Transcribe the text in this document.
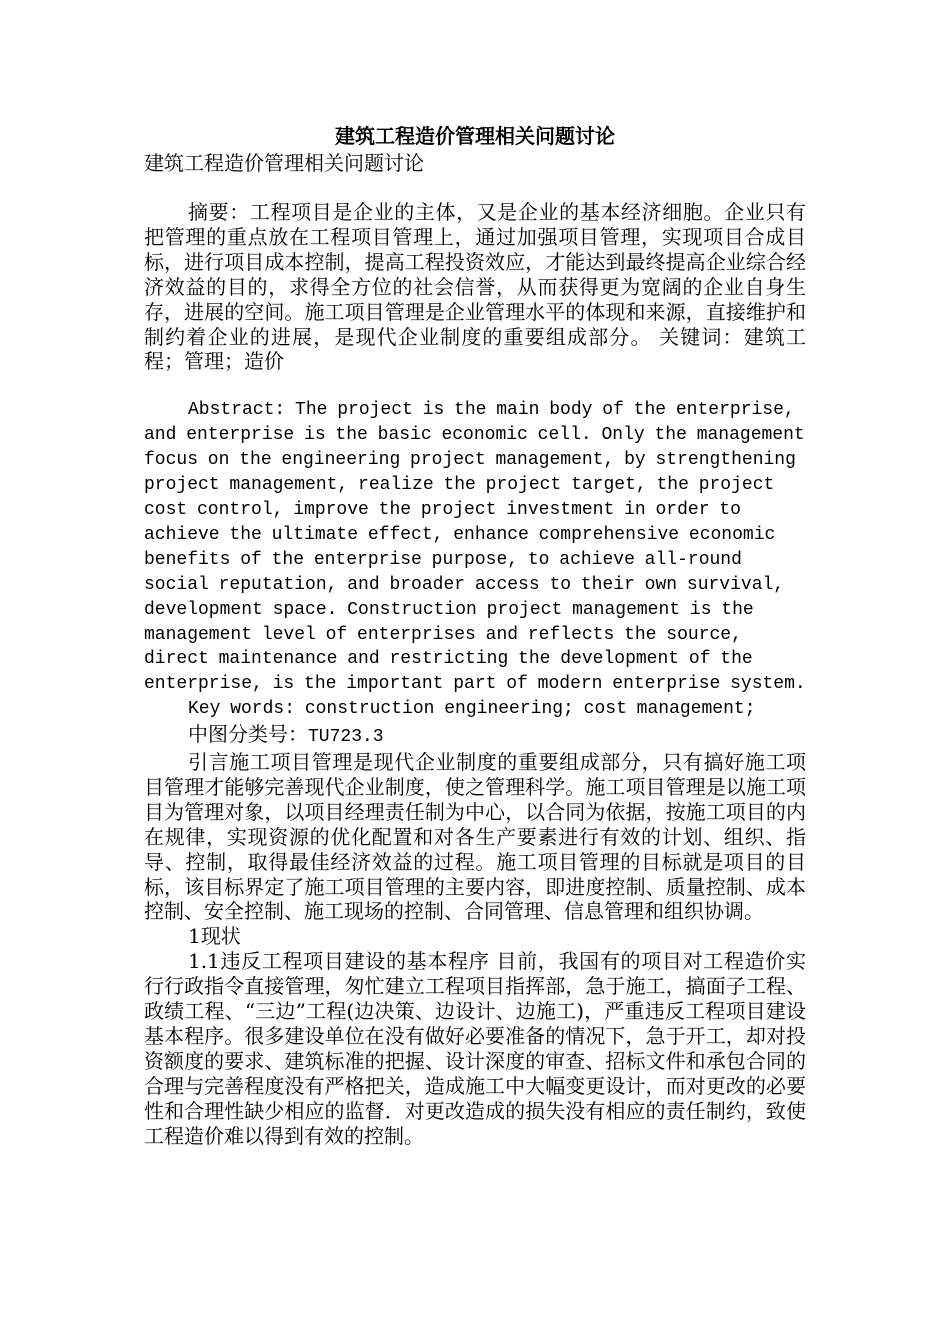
建筑工程造价管理相关问题讨论

建筑工程造价管理相关问题讨论

摘要：工程项目是企业的主体，又是企业的基本经济细胞。企业只有把管理的重点放在工程项目管理上，通过加强项目管理，实现项目合成目标，进行项目成本控制，提高工程投资效应，才能达到最终提高企业综合经济效益的目的，求得全方位的社会信誉，从而获得更为宽阔的企业自身生存，进展的空间。施工项目管理是企业管理水平的体现和来源，直接维护和制约着企业的进展，是现代企业制度的重要组成部分。 关键词：建筑工程；管理；造价

Abstract: The project is the main body of the enterprise, and enterprise is the basic economic cell. Only the management focus on the engineering project management, by strengthening project management, realize the project target, the project cost control, improve the project investment in order to achieve the ultimate effect, enhance comprehensive economic benefits of the enterprise purpose, to achieve all-round social reputation, and broader access to their own survival, development space. Construction project management is the management level of enterprises and reflects the source, direct maintenance and restricting the development of the enterprise, is the important part of modern enterprise system.

Key words: construction engineering; cost management;

中图分类号：TU723.3

引言施工项目管理是现代企业制度的重要组成部分，只有搞好施工项目管理才能够完善现代企业制度，使之管理科学。施工项目管理是以施工项目为管理对象，以项目经理责任制为中心，以合同为依据，按施工项目的内在规律，实现资源的优化配置和对各生产要素进行有效的计划、组织、指导、控制，取得最佳经济效益的过程。施工项目管理的目标就是项目的目标，该目标界定了施工项目管理的主要内容，即进度控制、质量控制、成本控制、安全控制、施工现场的控制、合同管理、信息管理和组织协调。

1现状

1.1违反工程项目建设的基本程序 目前，我国有的项目对工程造价实行行政指令直接管理，匆忙建立工程项目指挥部，急于施工，搞面子工程、政绩工程、“三边”工程(边决策、边设计、边施工)，严重违反工程项目建设基本程序。很多建设单位在没有做好必要准备的情况下，急于开工，却对投资额度的要求、建筑标准的把握、设计深度的审查、招标文件和承包合同的合理与完善程度没有严格把关，造成施工中大幅变更设计，而对更改的必要性和合理性缺少相应的监督．对更改造成的损失没有相应的责任制约，致使工程造价难以得到有效的控制。
